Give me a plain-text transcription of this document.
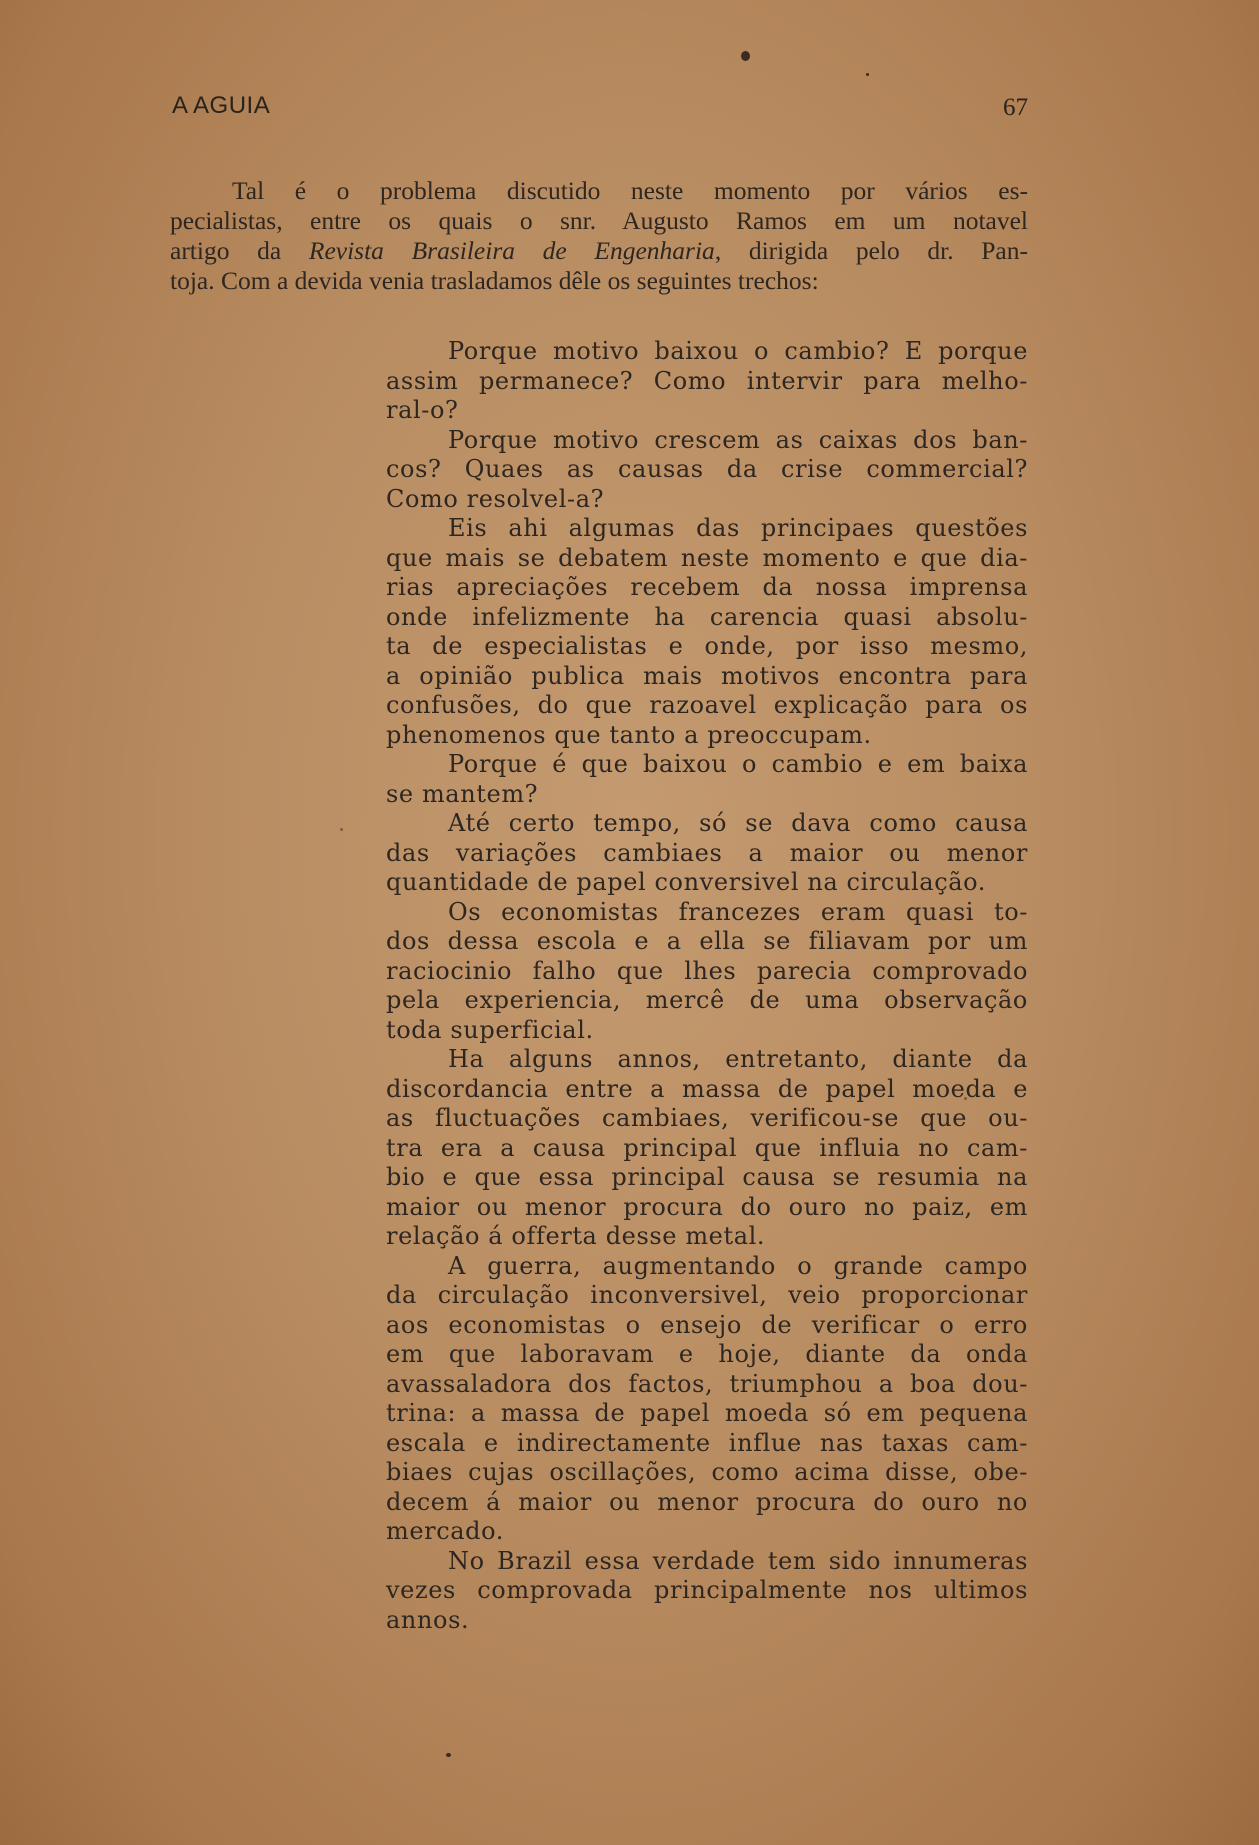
A AGUIA	67
Tal é o problema discutido neste momento por vários es-
pecialistas, entre os quais o snr. Augusto Ramos em um notavel
artigo da Revista Brasileira de Engenharia, dirigida pelo dr. Pan-
toja. Com a devida venia trasladamos dêle os seguintes trechos:
Porque motivo baixou o cambio? E porque
assim permanece? Como intervir para melho-
ral-o?
Porque motivo crescem as caixas dos ban-
cos? Quaes as causas da crise commercial?
Como resolvel-a?
Eis ahi algumas das principaes questões
que mais se debatem neste momento e que dia-
rias apreciações recebem da nossa imprensa
onde infelizmente ha carencia quasi absolu-
ta de especialistas e onde, por isso mesmo,
a opinião publica mais motivos encontra para
confusões, do que razoavel explicação para os
phenomenos que tanto a preoccupam.
Porque é que baixou o cambio e em baixa
se mantem?
Até certo tempo, só se dava como causa
das variações cambiaes a maior ou menor
quantidade de papel conversivel na circulação.
Os economistas francezes eram quasi to-
dos dessa escola e a ella se filiavam por um
raciocinio falho que lhes parecia comprovado
pela experiencia, mercê de uma observação
toda superficial.
Ha alguns annos, entretanto, diante da
discordancia entre a massa de papel moeda e
as fluctuações cambiaes, verificou-se que ou-
tra era a causa principal que influia no cam-
bio e que essa principal causa se resumia na
maior ou menor procura do ouro no paiz, em
relação á offerta desse metal.
A guerra, augmentando o grande campo
da circulação inconversivel, veio proporcionar
aos economistas o ensejo de verificar o erro
em que laboravam e hoje, diante da onda
avassaladora dos factos, triumphou a boa dou-
trina: a massa de papel moeda só em pequena
escala e indirectamente influe nas taxas cam-
biaes cujas oscillações, como acima disse, obe-
decem á maior ou menor procura do ouro no
mercado.
No Brazil essa verdade tem sido innumeras
vezes comprovada principalmente nos ultimos
annos.
